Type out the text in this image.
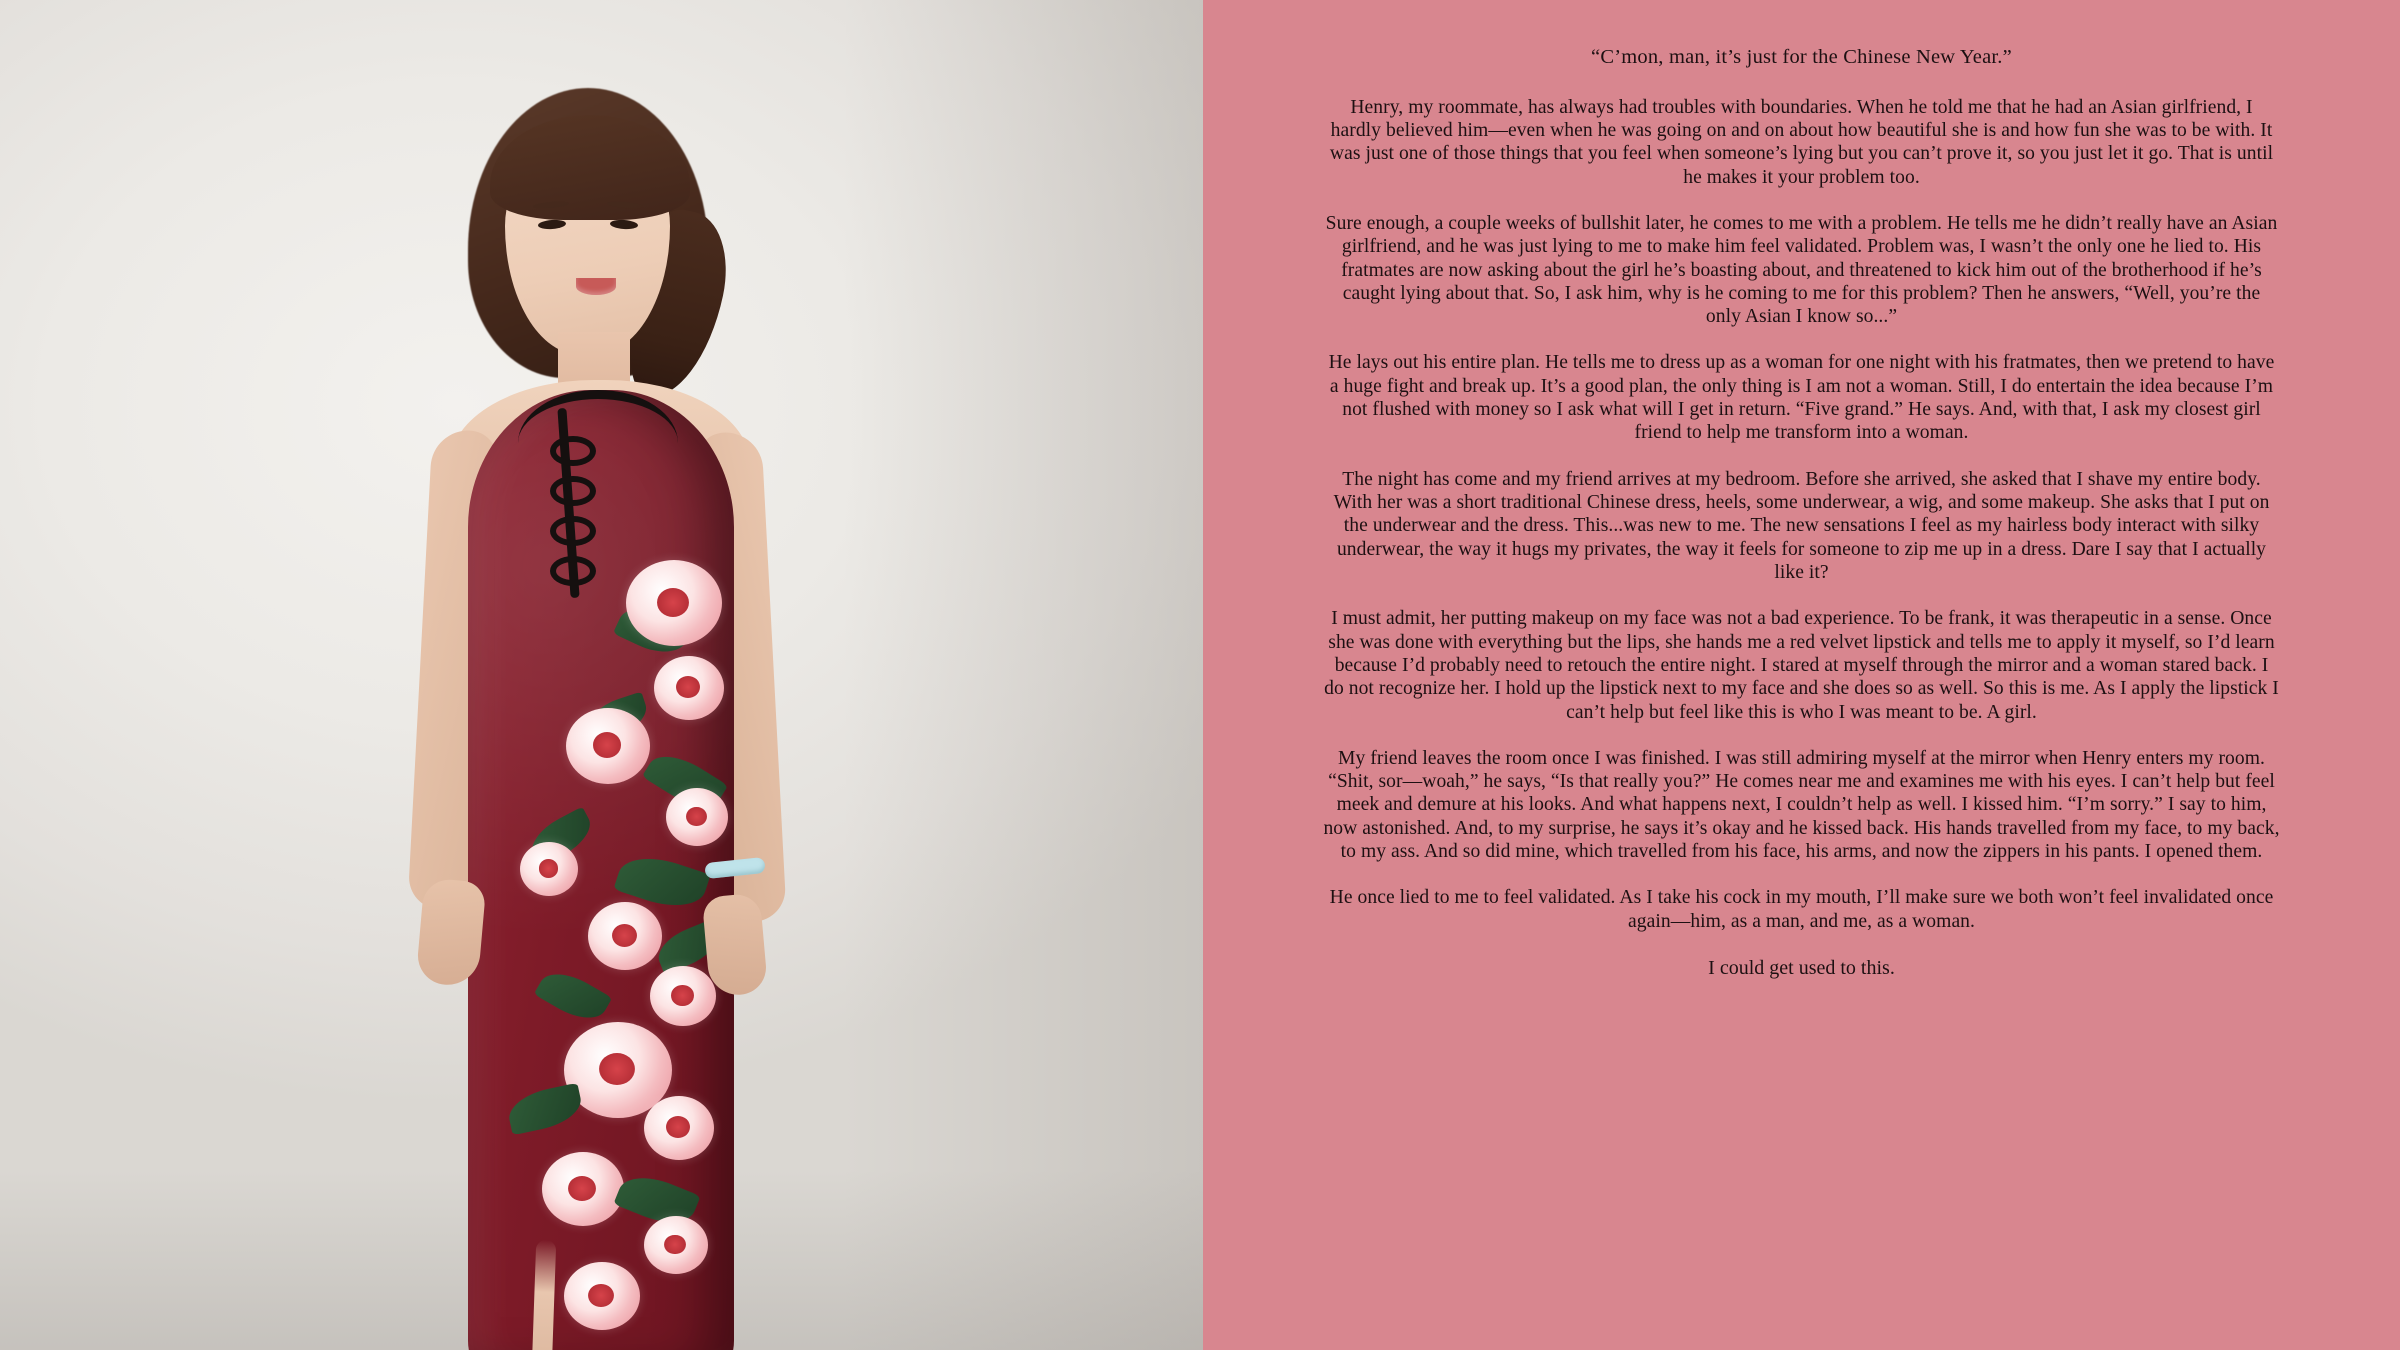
“C’mon, man, it’s just for the Chinese New Year.”

Henry, my roommate, has always had troubles with boundaries. When he told me that he had an Asian girlfriend, I hardly believed him—even when he was going on and on about how beautiful she is and how fun she was to be with. It was just one of those things that you feel when someone’s lying but you can’t prove it, so you just let it go. That is until he makes it your problem too.

Sure enough, a couple weeks of bullshit later, he comes to me with a problem. He tells me he didn’t really have an Asian girlfriend, and he was just lying to me to make him feel validated. Problem was, I wasn’t the only one he lied to. His fratmates are now asking about the girl he’s boasting about, and threatened to kick him out of the brotherhood if he’s caught lying about that. So, I ask him, why is he coming to me for this problem? Then he answers, “Well, you’re the only Asian I know so...”

He lays out his entire plan. He tells me to dress up as a woman for one night with his fratmates, then we pretend to have a huge fight and break up. It’s a good plan, the only thing is I am not a woman. Still, I do entertain the idea because I’m not flushed with money so I ask what will I get in return. “Five grand.” He says. And, with that, I ask my closest girl friend to help me transform into a woman.

The night has come and my friend arrives at my bedroom. Before she arrived, she asked that I shave my entire body. With her was a short traditional Chinese dress, heels, some underwear, a wig, and some makeup. She asks that I put on the underwear and the dress. This...was new to me. The new sensations I feel as my hairless body interact with silky underwear, the way it hugs my privates, the way it feels for someone to zip me up in a dress. Dare I say that I actually like it?

I must admit, her putting makeup on my face was not a bad experience. To be frank, it was therapeutic in a sense. Once she was done with everything but the lips, she hands me a red velvet lipstick and tells me to apply it myself, so I’d learn because I’d probably need to retouch the entire night. I stared at myself through the mirror and a woman stared back. I do not recognize her. I hold up the lipstick next to my face and she does so as well. So this is me. As I apply the lipstick I can’t help but feel like this is who I was meant to be. A girl.

My friend leaves the room once I was finished. I was still admiring myself at the mirror when Henry enters my room. “Shit, sor—woah,” he says, “Is that really you?” He comes near me and examines me with his eyes. I can’t help but feel meek and demure at his looks. And what happens next, I couldn’t help as well. I kissed him. “I’m sorry.” I say to him, now astonished. And, to my surprise, he says it’s okay and he kissed back. His hands travelled from my face, to my back, to my ass. And so did mine, which travelled from his face, his arms, and now the zippers in his pants. I opened them.

He once lied to me to feel validated. As I take his cock in my mouth, I’ll make sure we both won’t feel invalidated once again—him, as a man, and me, as a woman.

I could get used to this.
